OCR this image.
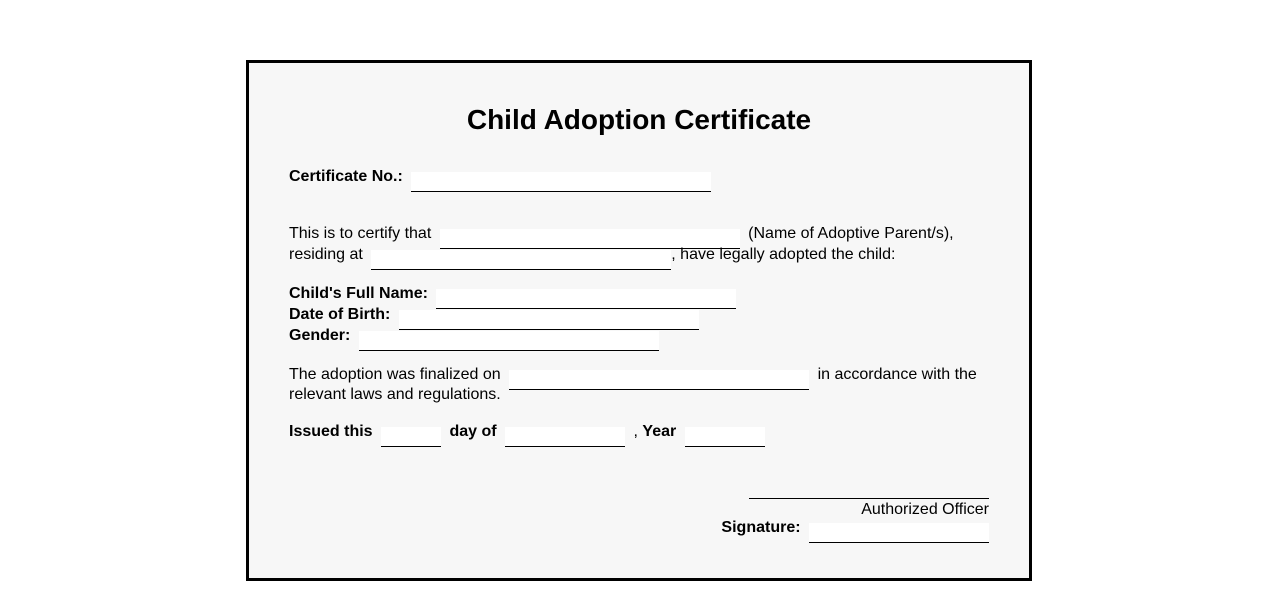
Child Adoption Certificate
Certificate No.:
This is to certify that	(Name of Adoptive Parent/s),
residing at	, have legally adopted the child:
Child's Full Name:
Date of Birth:
Gender:
The adoption was finalized on	in accordance with the
relevant laws and regulations.
Issued this	day of	, Year
Authorized Officer
Signature:
